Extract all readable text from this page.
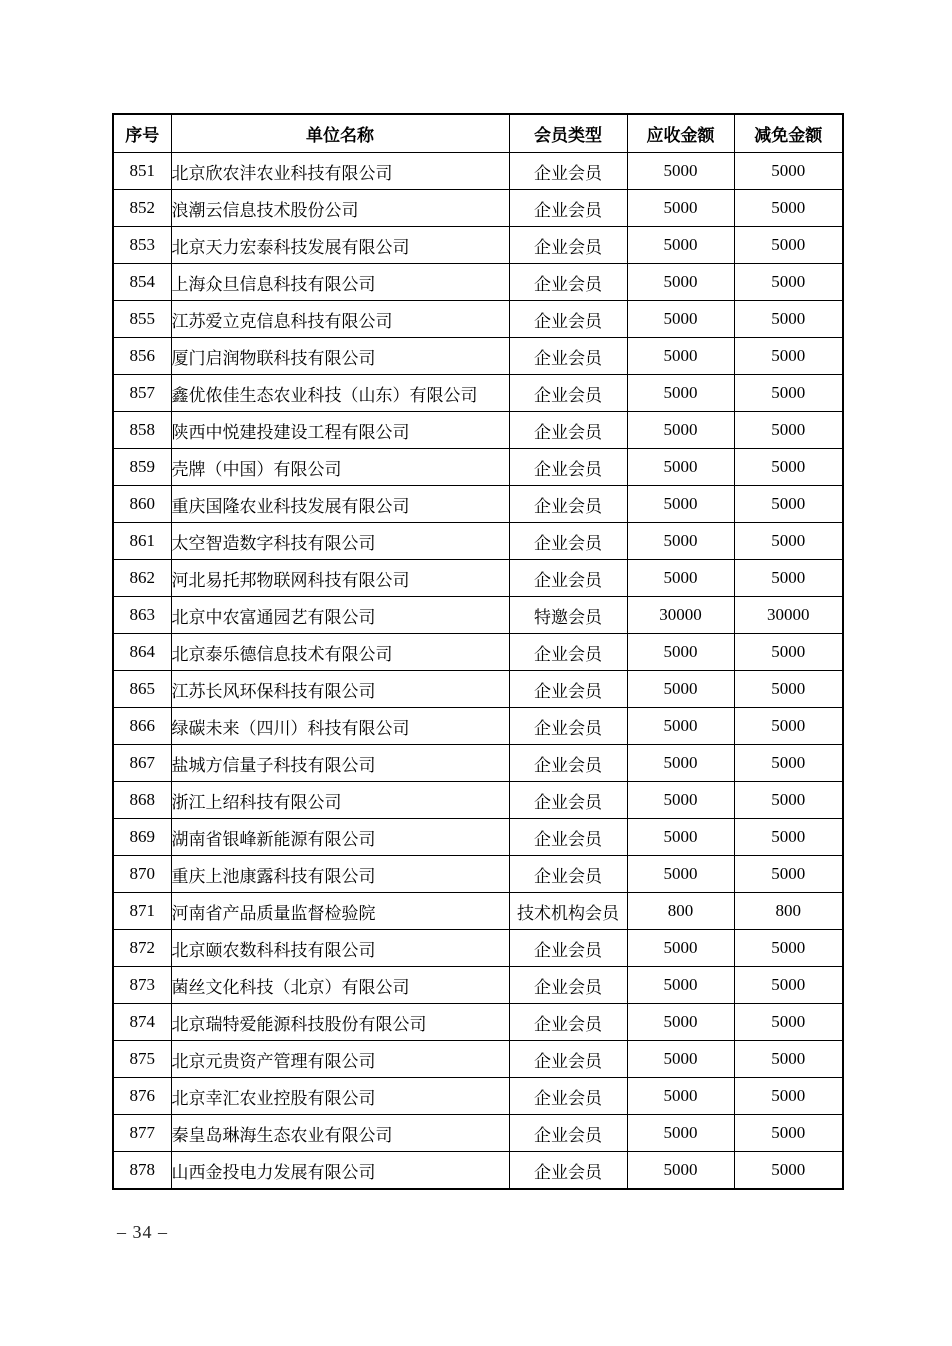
序号	单位名称	会员类型	应收金额	减免金额
851	北京欣农沣农业科技有限公司	企业会员	5000	5000
852	浪潮云信息技术股份公司	企业会员	5000	5000
853	北京天力宏泰科技发展有限公司	企业会员	5000	5000
854	上海众旦信息科技有限公司	企业会员	5000	5000
855	江苏爱立克信息科技有限公司	企业会员	5000	5000
856	厦门启润物联科技有限公司	企业会员	5000	5000
857	鑫优侬佳生态农业科技（山东）有限公司	企业会员	5000	5000
858	陕西中悦建投建设工程有限公司	企业会员	5000	5000
859	壳牌（中国）有限公司	企业会员	5000	5000
860	重庆国隆农业科技发展有限公司	企业会员	5000	5000
861	太空智造数字科技有限公司	企业会员	5000	5000
862	河北易托邦物联网科技有限公司	企业会员	5000	5000
863	北京中农富通园艺有限公司	特邀会员	30000	30000
864	北京泰乐德信息技术有限公司	企业会员	5000	5000
865	江苏长风环保科技有限公司	企业会员	5000	5000
866	绿碳未来（四川）科技有限公司	企业会员	5000	5000
867	盐城方信量子科技有限公司	企业会员	5000	5000
868	浙江上绍科技有限公司	企业会员	5000	5000
869	湖南省银峰新能源有限公司	企业会员	5000	5000
870	重庆上池康露科技有限公司	企业会员	5000	5000
871	河南省产品质量监督检验院	技术机构会员	800	800
872	北京颐农数科科技有限公司	企业会员	5000	5000
873	菌丝文化科技（北京）有限公司	企业会员	5000	5000
874	北京瑞特爱能源科技股份有限公司	企业会员	5000	5000
875	北京元贵资产管理有限公司	企业会员	5000	5000
876	北京幸汇农业控股有限公司	企业会员	5000	5000
877	秦皇岛琳海生态农业有限公司	企业会员	5000	5000
878	山西金投电力发展有限公司	企业会员	5000	5000
– 34 –
